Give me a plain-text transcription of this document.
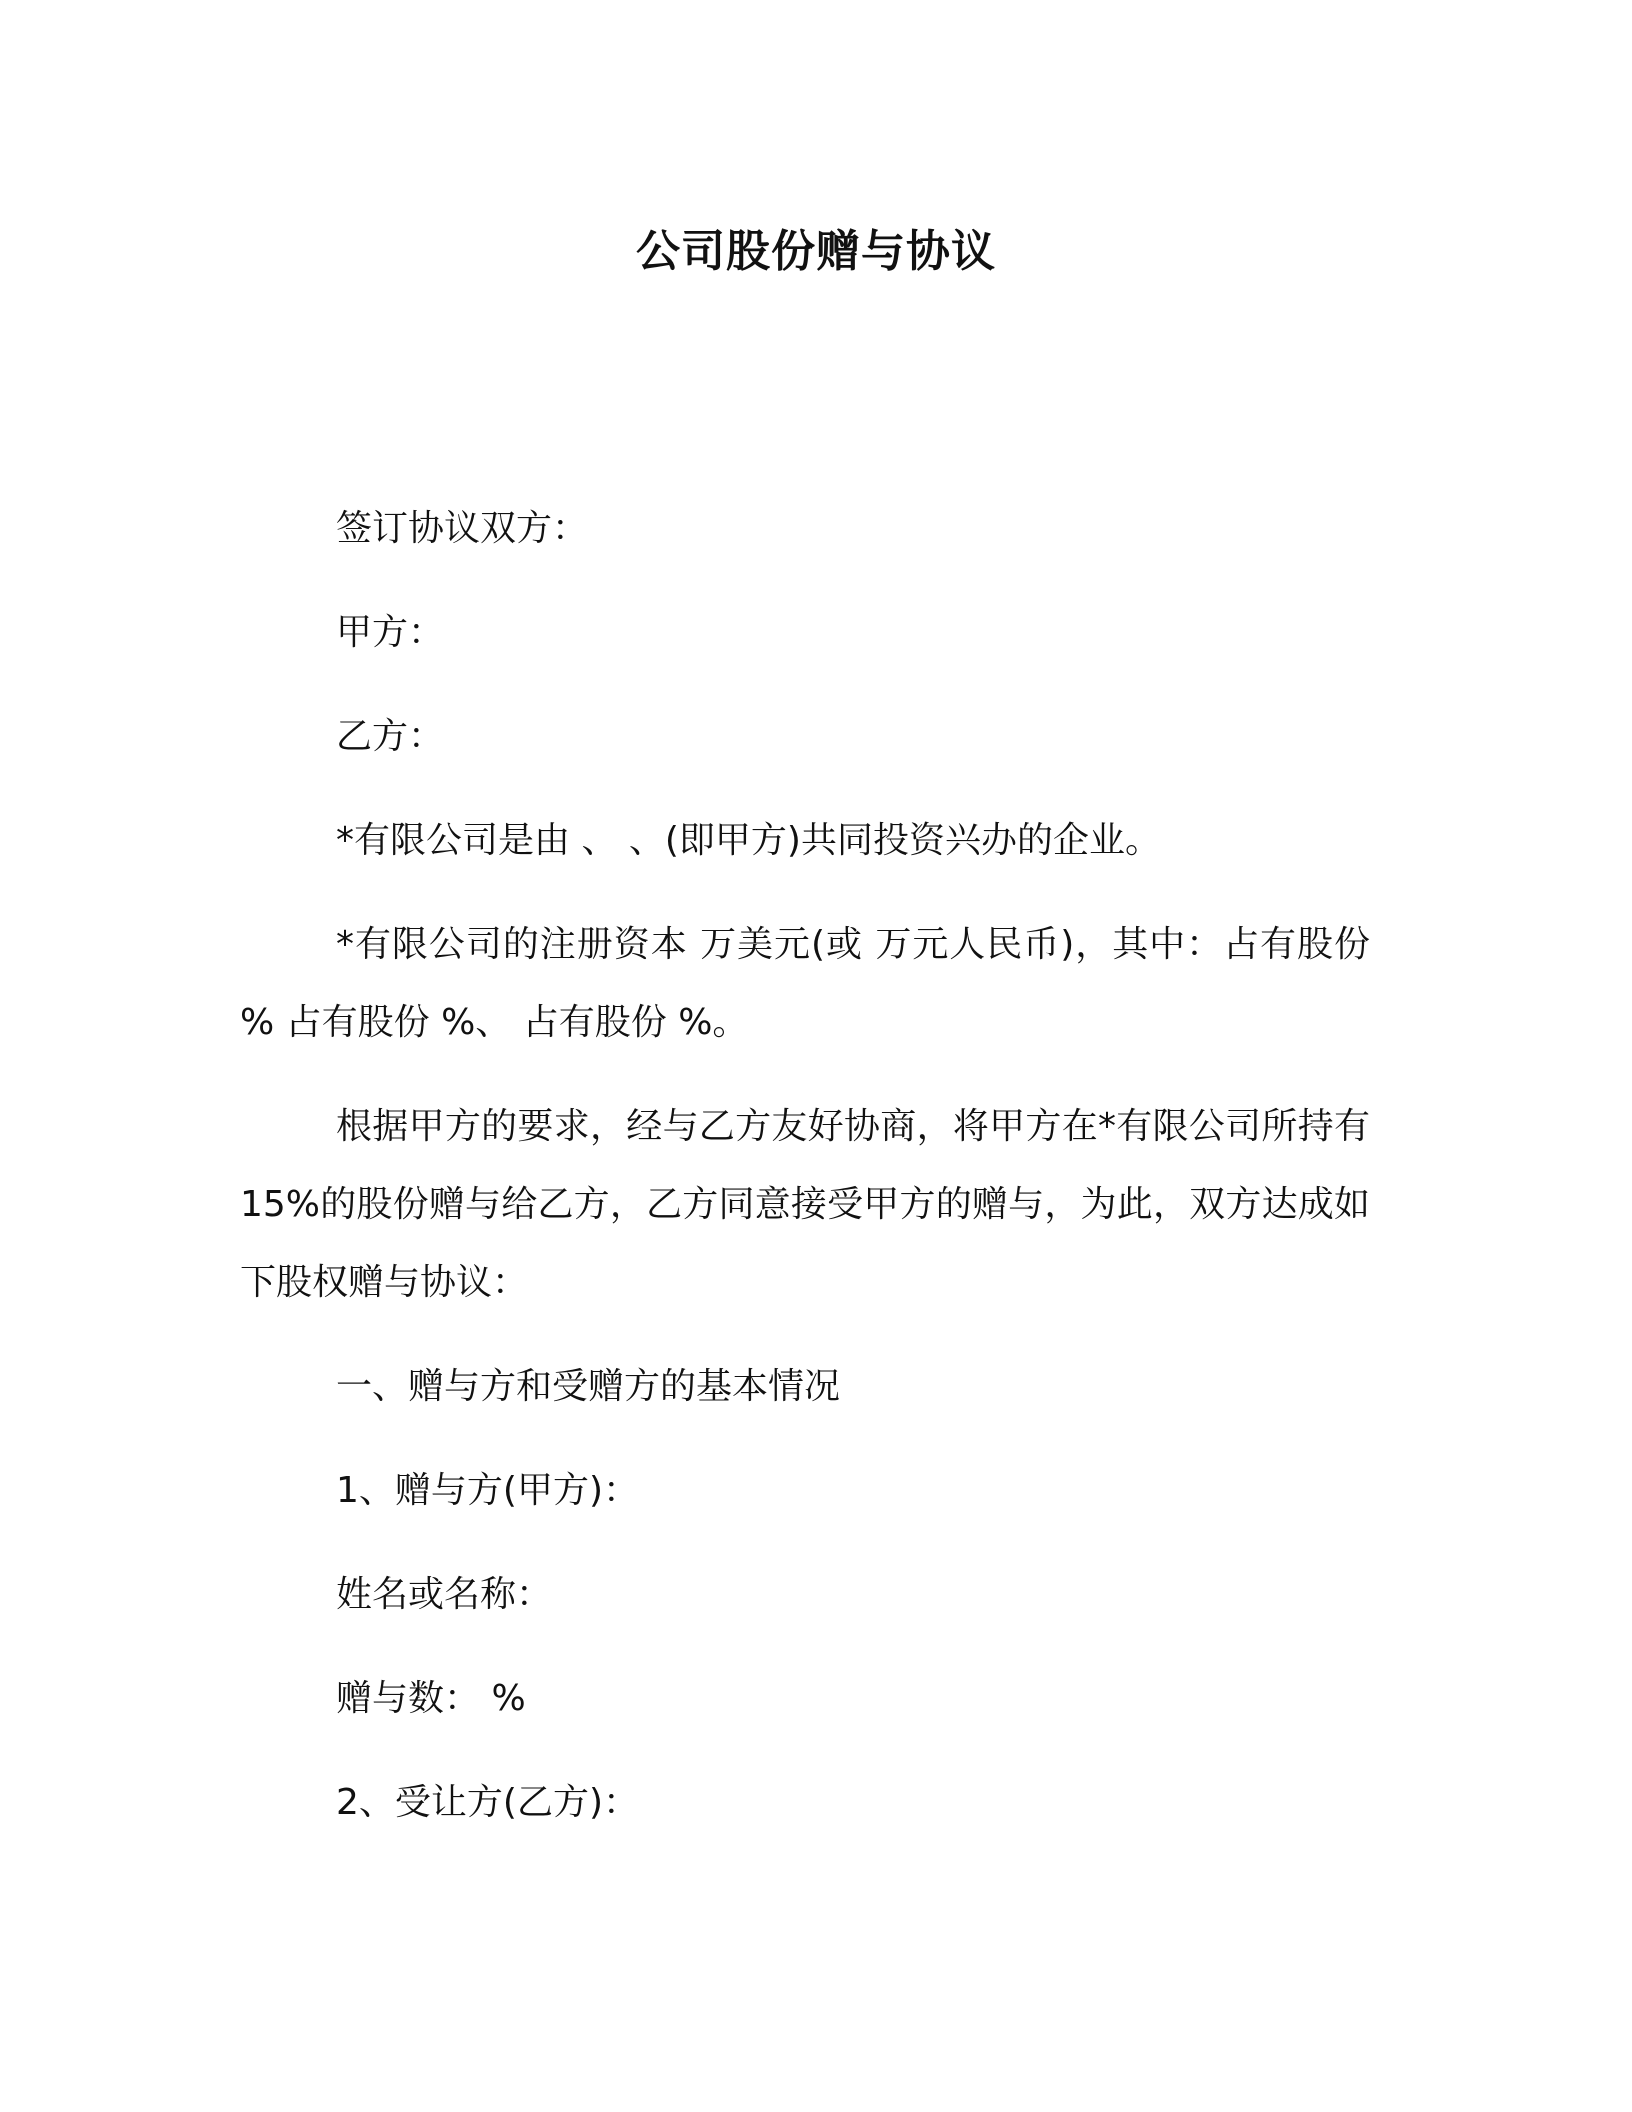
公司股份赠与协议

签订协议双方：

甲方：

乙方：

*有限公司是由 、 、(即甲方)共同投资兴办的企业。

*有限公司的注册资本 万美元(或 万元人民币)，其中：占有股份 % 占有股份 %、 占有股份 %。

根据甲方的要求，经与乙方友好协商，将甲方在*有限公司所持有 15%的股份赠与给乙方，乙方同意接受甲方的赠与，为此，双方达成如下股权赠与协议：

一、赠与方和受赠方的基本情况

1、赠与方(甲方)：

姓名或名称：

赠与数： %

2、受让方(乙方)：
